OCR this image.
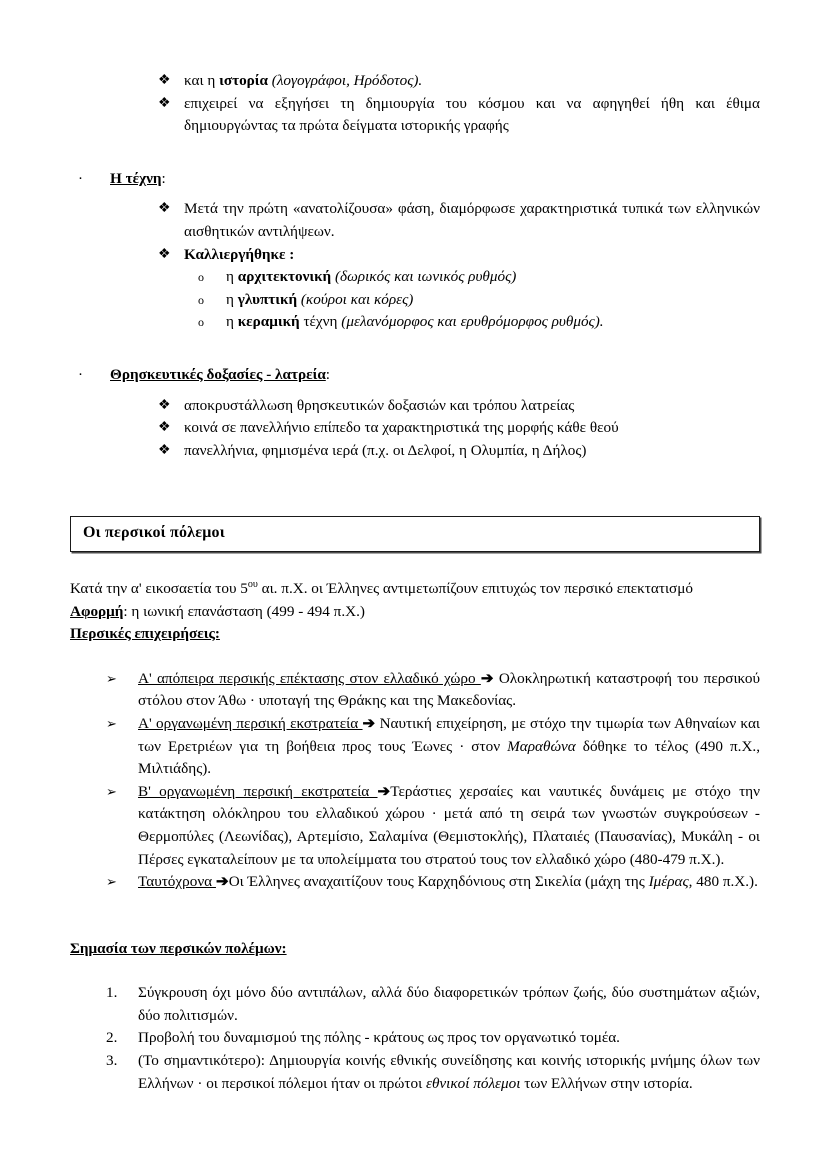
❖ και η ιστορία (λογογράφοι, Ηρόδοτος).
❖ επιχειρεί να εξηγήσει τη δημιουργία του κόσμου και να αφηγηθεί ήθη και έθιμα δημιουργώντας τα πρώτα δείγματα ιστορικής γραφής
·	Η τέχνη:
❖ Μετά την πρώτη «ανατολίζουσα» φάση, διαμόρφωσε χαρακτηριστικά τυπικά των ελληνικών αισθητικών αντιλήψεων.
❖ Καλλιεργήθηκε :
o	η αρχιτεκτονική (δωρικός και ιωνικός ρυθμός)
o	η γλυπτική (κούροι και κόρες)
o	η κεραμική τέχνη (μελανόμορφος και ερυθρόμορφος ρυθμός).
·	Θρησκευτικές δοξασίες - λατρεία:
❖ αποκρυστάλλωση θρησκευτικών δοξασιών και τρόπου λατρείας
❖ κοινά σε πανελλήνιο επίπεδο τα χαρακτηριστικά της μορφής κάθε θεού
❖ πανελλήνια, φημισμένα ιερά (π.χ. οι Δελφοί, η Ολυμπία, η Δήλος)
Οι περσικοί πόλεμοι
Κατά την α' εικοσαετία του $5^{o\upsilon}$ αι. π.Χ. οι Έλληνες αντιμετωπίζουν επιτυχώς τον περσικό επεκτατισμό
Αφορμή: η ιωνική επανάσταση (499 - 494 π.Χ.)
Περσικές επιχειρήσεις:
➢	Α' απόπειρα περσικής επέκτασης στον ελλαδικό χώρο ➔ Ολοκληρωτική καταστροφή του περσικού στόλου στον Άθω · υποταγή της Θράκης και της Μακεδονίας.
➢	Α' οργανωμένη περσική εκστρατεία ➔ Ναυτική επιχείρηση, με στόχο την τιμωρία των Αθηναίων και των Ερετριέων για τη βοήθεια προς τους Έωνες · στον Μαραθώνα δόθηκε το τέλος (490 π.Χ., Μιλτιάδης).
➢	Β' οργανωμένη περσική εκστρατεία ➔Τεράστιες χερσαίες και ναυτικές δυνάμεις με στόχο την κατάκτηση ολόκληρου του ελλαδικού χώρου · μετά από τη σειρά των γνωστών συγκρούσεων - Θερμοπύλες (Λεωνίδας), Αρτεμίσιο, Σαλαμίνα (Θεμιστοκλής), Πλαταιές (Παυσανίας), Μυκάλη - οι Πέρσες εγκαταλείπουν με τα υπολείμματα του στρατού τους τον ελλαδικό χώρο (480-479 π.Χ.).
➢	Ταυτόχρονα ➔Οι Έλληνες αναχαιτίζουν τους Καρχηδόνιους στη Σικελία (μάχη της Ιμέρας, 480 π.Χ.).
Σημασία των περσικών πολέμων:
1.	Σύγκρουση όχι μόνο δύο αντιπάλων, αλλά δύο διαφορετικών τρόπων ζωής, δύο συστημάτων αξιών, δύο πολιτισμών.
2.	Προβολή του δυναμισμού της πόλης - κράτους ως προς τον οργανωτικό τομέα.
3.	(Το σημαντικότερο): Δημιουργία κοινής εθνικής συνείδησης και κοινής ιστορικής μνήμης όλων των Ελλήνων · οι περσικοί πόλεμοι ήταν οι πρώτοι εθνικοί πόλεμοι των Ελλήνων στην ιστορία.
